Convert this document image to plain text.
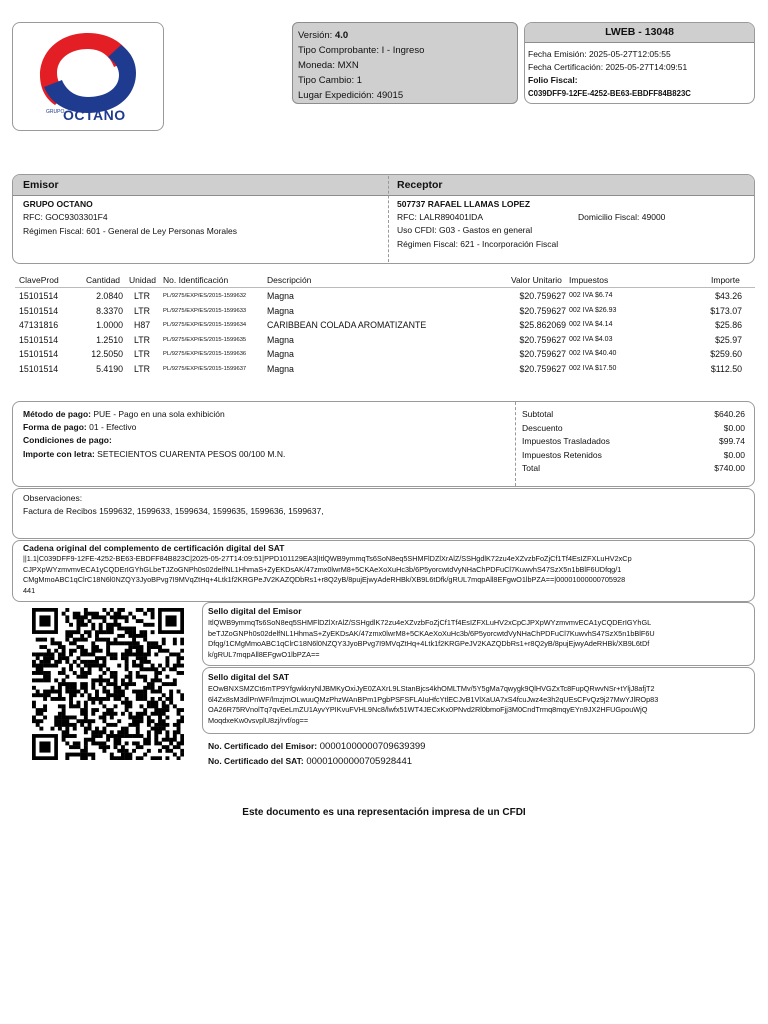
GRUPO
OCTANO
Versión: 4.0
Tipo Comprobante: I - Ingreso
Moneda: MXN
Tipo Cambio: 1
Lugar Expedición: 49015
LWEB - 13048
Fecha Emisión: 2025-05-27T12:05:55
Fecha Certificación: 2025-05-27T14:09:51
Folio Fiscal:
C039DFF9-12FE-4252-BE63-EBDFF84B823C
Emisor	Receptor
GRUPO OCTANO
RFC: GOC9303301F4
Régimen Fiscal: 601 - General de Ley Personas Morales
507737 RAFAEL LLAMAS LOPEZ
RFC: LALR890401IDA	Domicilio Fiscal: 49000
Uso CFDI: G03 - Gastos en general
Régimen Fiscal: 621 - Incorporación Fiscal
ClaveProd	Cantidad Unidad No. Identificación	Descripción	Valor Unitario Impuestos	Importe
15101514	2.0840 LTR PL/9275/EXP/ES/2015-1599632 Magna	$20.759627 002 IVA $6.74	$43.26
15101514	8.3370 LTR PL/9275/EXP/ES/2015-1599633 Magna	$20.759627 002 IVA $26.93	$173.07
47131816	1.0000 H87 PL/9275/EXP/ES/2015-1599634 CARIBBEAN COLADA AROMATIZANTE	$25.862069 002 IVA $4.14	$25.86
15101514	1.2510 LTR PL/9275/EXP/ES/2015-1599635 Magna	$20.759627 002 IVA $4.03	$25.97
15101514	12.5050 LTR PL/9275/EXP/ES/2015-1599636 Magna	$20.759627 002 IVA $40.40	$259.60
15101514	5.4190 LTR PL/9275/EXP/ES/2015-1599637 Magna	$20.759627 002 IVA $17.50	$112.50
Método de pago: PUE - Pago en una sola exhibición
Forma de pago: 01 - Efectivo
Condiciones de pago:
Importe con letra: SETECIENTOS CUARENTA PESOS 00/100 M.N.
Subtotal	$640.26
Descuento	$0.00
Impuestos Trasladados	$99.74
Impuestos Retenidos	$0.00
Total	$740.00
Observaciones:
Factura de Recibos 1599632, 1599633, 1599634, 1599635, 1599636, 1599637,
Cadena original del complemento de certificación digital del SAT
||1.1|C039DFF9-12FE-4252-BE63-EBDFF84B823C|2025-05-27T14:09:51|PPD101129EA3|ItlQWB9ymmqTs6SoN8eq5SHMFlDZlXrAlZ/SSHgdlK72zu4eXZvzbFoZjCf1Tf4EsIZFXLuHV2xCp
CJPXpWYzmvmvECA1yCQDErIGYhGLbeTJZoGNPh0s02delfNL1HhmaS+ZyEKDsAK/47zmx0lwrM8+5CKAeXoXuHc3b/6P5yorcwtdVyNHaChPDFuCl7KuwvhS47SzX5n1bBlF6UDfqg/1
CMgMmoABC1qClrC18N6l0NZQY3JyoBPvg7I9MVqZtHq+4Ltk1f2KRGPeJV2KAZQDbRs1+r8Q2yB/8pujEjwyAdeRHBk/XB9L6tDfk/gRUL7mqpAll8EFgwO1lbPZA==|00001000000705928
441
Sello digital del Emisor
ItlQWB9ymmqTs6SoN8eq5SHMFlDZlXrAlZ/SSHgdlK72zu4eXZvzbFoZjCf1Tf4EsIZFXLuHV2xCpCJPXpWYzmvmvECA1yCQDErIGYhGL
beTJZoGNPh0s02delfNL1HhmaS+ZyEKDsAK/47zmx0lwrM8+5CKAeXoXuHc3b/6P5yorcwtdVyNHaChPDFuCl7KuwvhS47SzX5n1bBlF6U
Dfqg/1CMgMmoABC1qClrC18N6l0NZQY3JyoBPvg7I9MVqZtHq+4Ltk1f2KRGPeJV2KAZQDbRs1+r8Q2yB/8pujEjwyAdeRHBk/XB9L6tDf
k/gRUL7mqpAll8EFgwO1lbPZA==
Sello digital del SAT
EOwBNXSMZCt6mTP9YfgwkkryNlJBMKyOxiJyE0ZAXrL9LStanBjcs4khOMLTMv/5Y5gMa7qwygk9QlHVGZxTc8FupQRwvNSr+tYljJ8afjT2
6l4Zx8sM3dlPnWF/lmzjmOLwuuQMzPhzWAnBPm1PgbPSFSFLAIuHfcYtlECJvB1VlXaUA7xS4fcuJwz4e3h2qUEsCFvQz9j27MwYJlROp83
OA26R75RVnolTq7qvEeLmZU1AyvYPIKvuFVHL9Nc8/lwfx51WT4JECxKx0PNvd2Rl0bmoFjj3M0CndTrmq8mqyEYn9JX2HFUGpouWjQ
MoqdxeKw0vsvplU8zj/rvf/og==
No. Certificado del Emisor: 00001000000709639399
No. Certificado del SAT: 00001000000705928441
Este documento es una representación impresa de un CFDI
